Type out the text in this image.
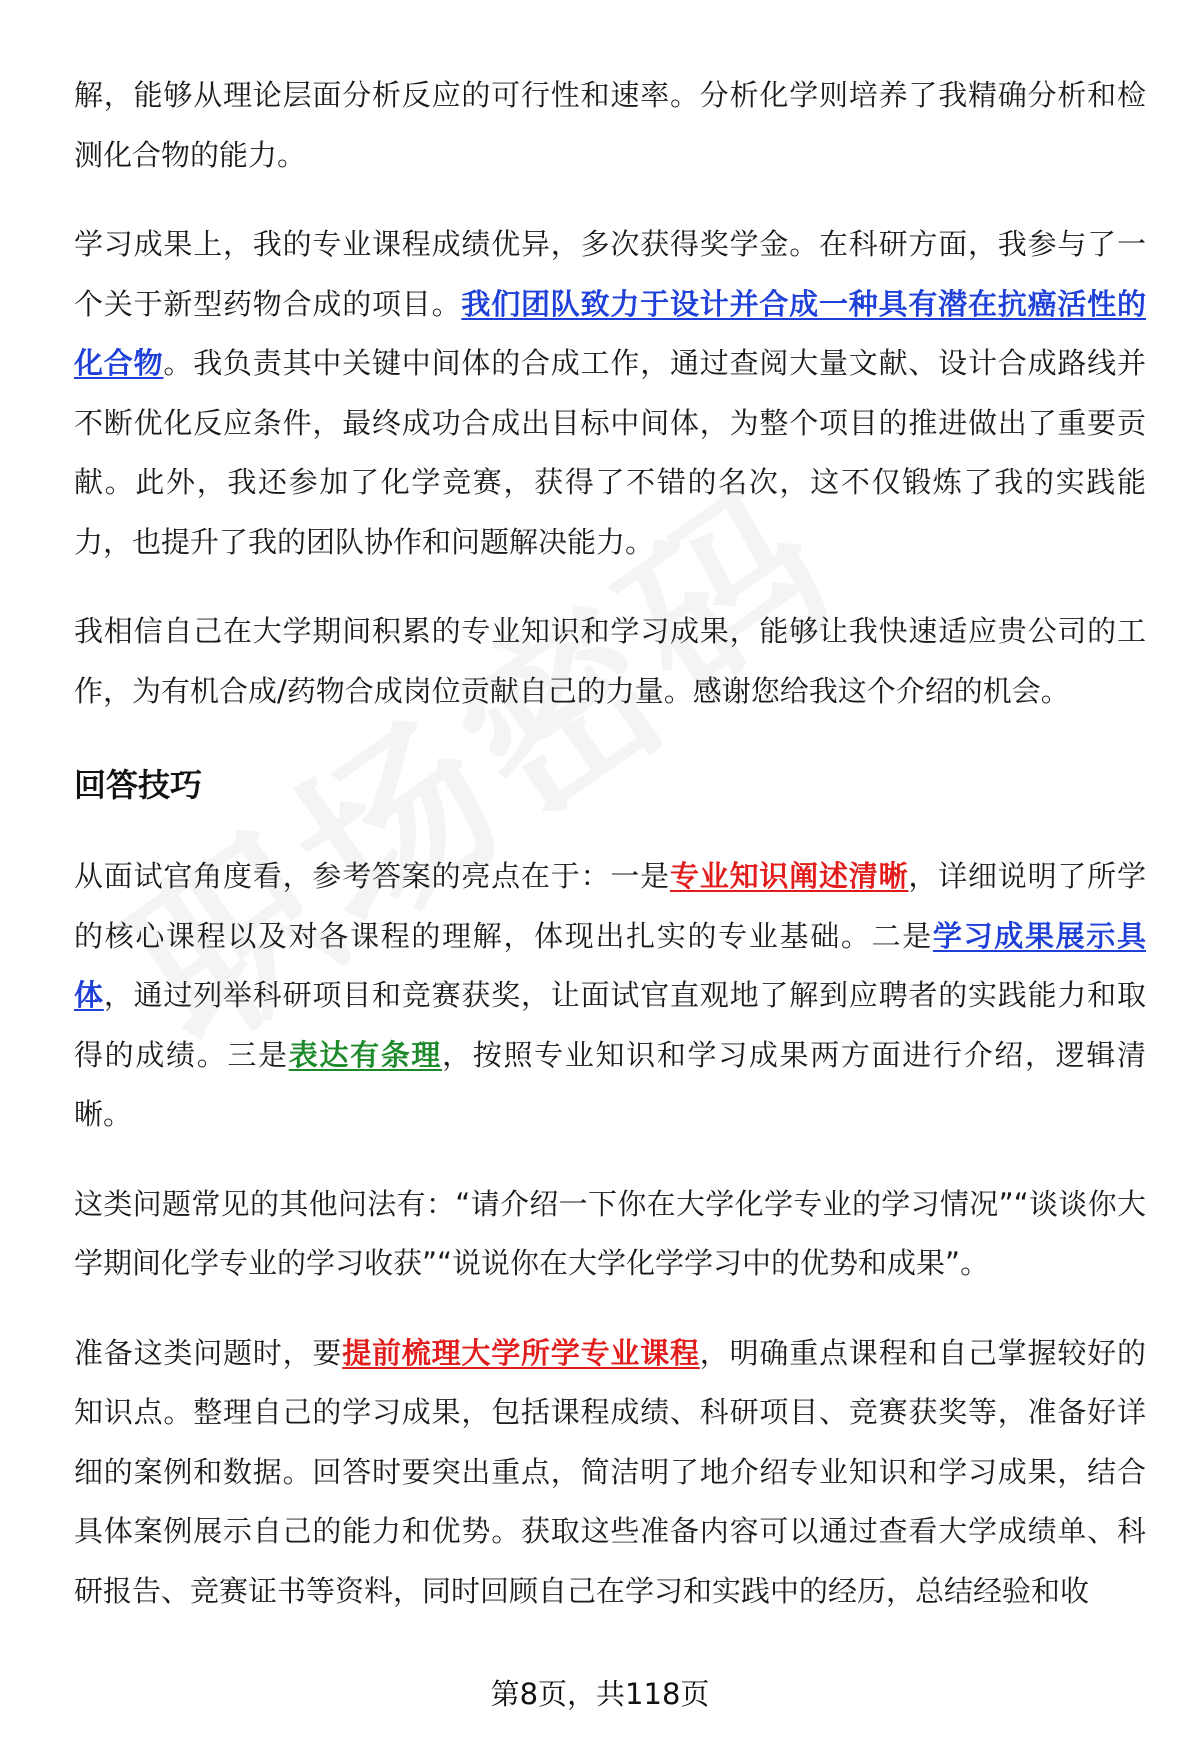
解，能够从理论层面分析反应的可行性和速率。分析化学则培养了我精确分析和检测化合物的能力。

学习成果上，我的专业课程成绩优异，多次获得奖学金。在科研方面，我参与了一个关于新型药物合成的项目。我们团队致力于设计并合成一种具有潜在抗癌活性的化合物。我负责其中关键中间体的合成工作，通过查阅大量文献、设计合成路线并不断优化反应条件，最终成功合成出目标中间体，为整个项目的推进做出了重要贡献。此外，我还参加了化学竞赛，获得了不错的名次，这不仅锻炼了我的实践能力，也提升了我的团队协作和问题解决能力。

我相信自己在大学期间积累的专业知识和学习成果，能够让我快速适应贵公司的工作，为有机合成/药物合成岗位贡献自己的力量。感谢您给我这个介绍的机会。

回答技巧

从面试官角度看，参考答案的亮点在于：一是专业知识阐述清晰，详细说明了所学的核心课程以及对各课程的理解，体现出扎实的专业基础。二是学习成果展示具体，通过列举科研项目和竞赛获奖，让面试官直观地了解到应聘者的实践能力和取得的成绩。三是表达有条理，按照专业知识和学习成果两方面进行介绍，逻辑清晰。

这类问题常见的其他问法有：“请介绍一下你在大学化学专业的学习情况”“谈谈你大学期间化学专业的学习收获”“说说你在大学化学学习中的优势和成果”。

准备这类问题时，要提前梳理大学所学专业课程，明确重点课程和自己掌握较好的知识点。整理自己的学习成果，包括课程成绩、科研项目、竞赛获奖等，准备好详细的案例和数据。回答时要突出重点，简洁明了地介绍专业知识和学习成果，结合具体案例展示自己的能力和优势。获取这些准备内容可以通过查看大学成绩单、科研报告、竞赛证书等资料，同时回顾自己在学习和实践中的经历，总结经验和收

第8页，共118页
